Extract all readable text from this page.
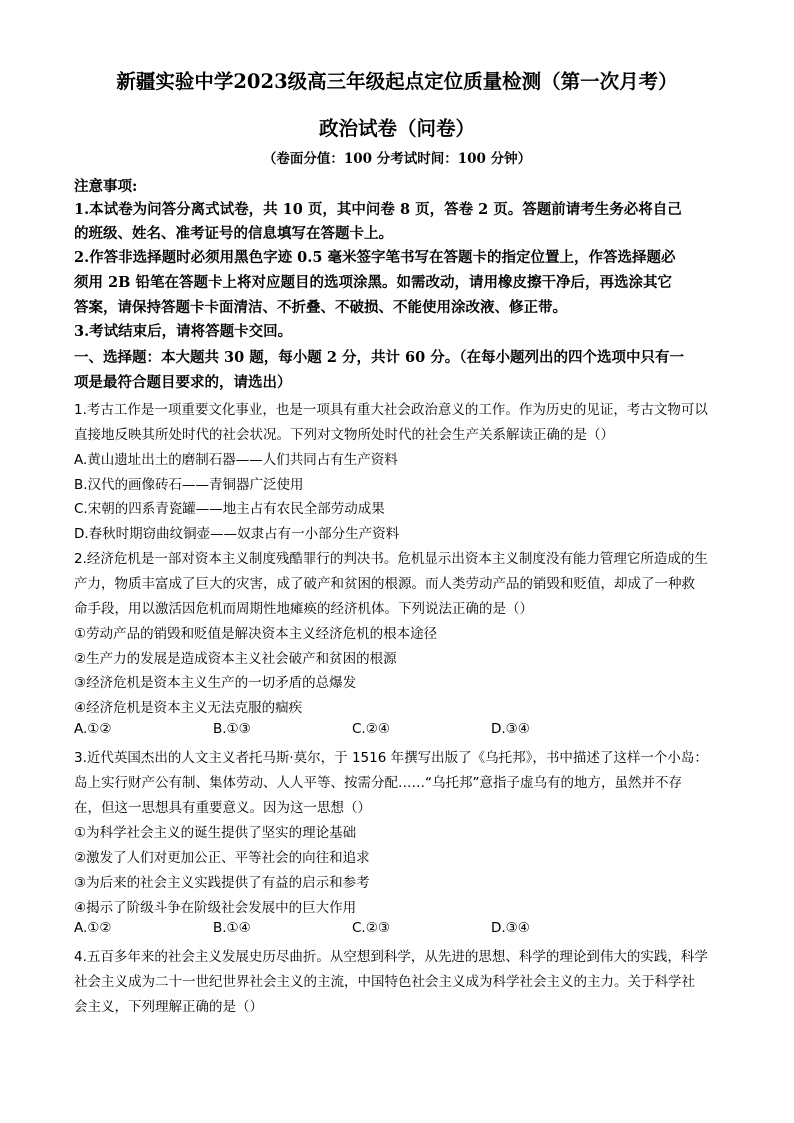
新疆实验中学2023级高三年级起点定位质量检测（第一次月考）
政治试卷（问卷）
（卷面分值：100 分考试时间：100 分钟）
注意事项:
1.本试卷为问答分离式试卷，共 10 页，其中问卷 8 页，答卷 2 页。答题前请考生务必将自己
的班级、姓名、准考证号的信息填写在答题卡上。
2.作答非选择题时必须用黑色字迹 0.5 毫米签字笔书写在答题卡的指定位置上，作答选择题必
须用 2B 铅笔在答题卡上将对应题目的选项涂黑。如需改动，请用橡皮擦干净后，再选涂其它
答案，请保持答题卡卡面清洁、不折叠、不破损、不能使用涂改液、修正带。
3.考试结束后，请将答题卡交回。
一、选择题：本大题共 30 题，每小题 2 分，共计 60 分。（在每小题列出的四个选项中只有一
项是最符合题目要求的，请选出）
1.考古工作是一项重要文化事业，也是一项具有重大社会政治意义的工作。作为历史的见证，考古文物可以
直接地反映其所处时代的社会状况。下列对文物所处时代的社会生产关系解读正确的是（）
A.黄山遗址出土的磨制石器——人们共同占有生产资料
B.汉代的画像砖石——青铜器广泛使用
C.宋朝的四系青瓷罐——地主占有农民全部劳动成果
D.春秋时期窃曲纹铜壶——奴隶占有一小部分生产资料
2.经济危机是一部对资本主义制度残酷罪行的判决书。危机显示出资本主义制度没有能力管理它所造成的生
产力，物质丰富成了巨大的灾害，成了破产和贫困的根源。而人类劳动产品的销毁和贬值，却成了一种救
命手段，用以激活因危机而周期性地瘫痪的经济机体。下列说法正确的是（）
①劳动产品的销毁和贬值是解决资本主义经济危机的根本途径
②生产力的发展是造成资本主义社会破产和贫困的根源
③经济危机是资本主义生产的一切矛盾的总爆发
④经济危机是资本主义无法克服的痼疾
A.①②	B.①③	C.②④	D.③④
3.近代英国杰出的人文主义者托马斯·莫尔，于 1516 年撰写出版了《乌托邦》，书中描述了这样一个小岛：
岛上实行财产公有制、集体劳动、人人平等、按需分配……“乌托邦”意指子虚乌有的地方，虽然并不存
在，但这一思想具有重要意义。因为这一思想（）
①为科学社会主义的诞生提供了坚实的理论基础
②激发了人们对更加公正、平等社会的向往和追求
③为后来的社会主义实践提供了有益的启示和参考
④揭示了阶级斗争在阶级社会发展中的巨大作用
A.①②	B.①④	C.②③	D.③④
4.五百多年来的社会主义发展史历尽曲折。从空想到科学，从先进的思想、科学的理论到伟大的实践，科学
社会主义成为二十一世纪世界社会主义的主流，中国特色社会主义成为科学社会主义的主力。关于科学社
会主义，下列理解正确的是（）
